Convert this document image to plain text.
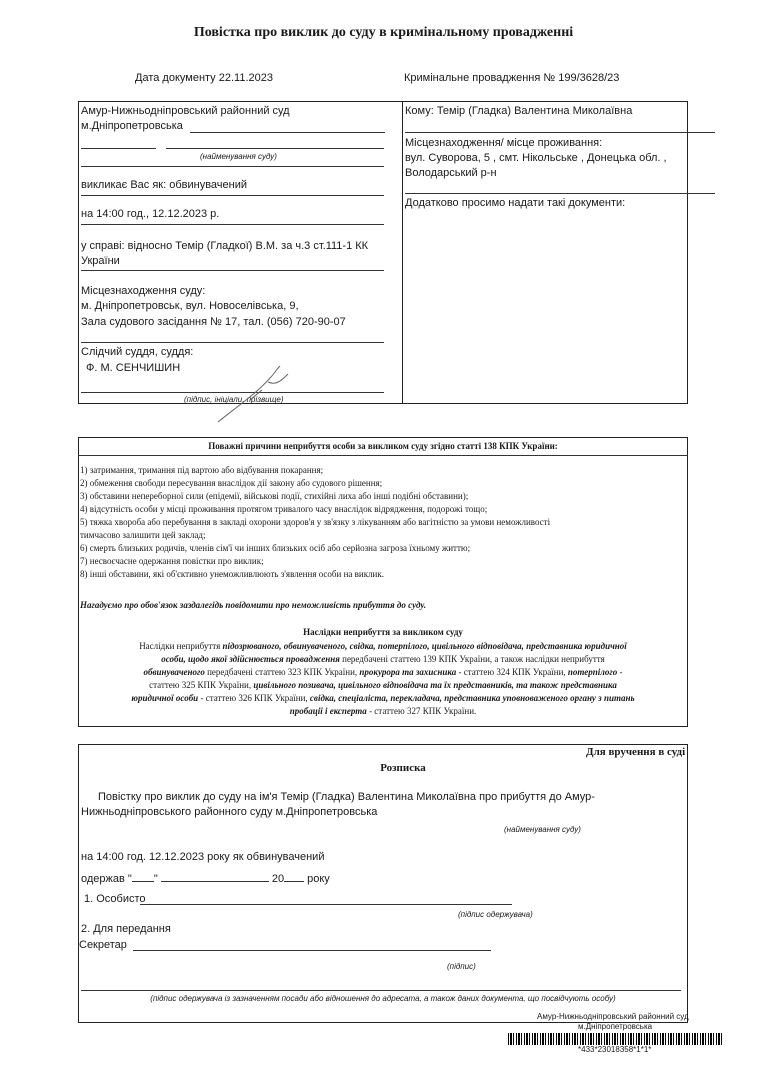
Повістка про виклик до суду в кримінальному провадженні
Дата документу 22.11.2023	Кримінальне провадження № 199/3628/23
Амур-Нижньодніпровський районний суд
м.Дніпропетровська
(найменування суду)
викликає Вас як: обвинувачений
на 14:00 год., 12.12.2023 р.
у справі: відносно Темір (Гладкої) В.М. за ч.3 ст.111-1 КК
України
Місцезнаходження суду:
м. Дніпропетровськ, вул. Новоселівська, 9,
Зала судового засідання № 17, тал. (056) 720-90-07
Слідчий суддя, суддя:
Ф. М. СЕНЧИШИН
(підпис, ініціали, прізвище)
Кому: Темір (Гладка) Валентина Миколаївна
Місцезнаходження/ місце проживання:
вул. Суворова, 5 , смт. Нікольське , Донецька обл. ,
Володарський р-н
Додатково просимо надати такі документи:
Поважні причини неприбуття особи за викликом суду згідно статті 138 КПК України:
1) затримання, тримання під вартою або відбування покарання;
2) обмеження свободи пересування внаслідок дії закону або судового рішення;
3) обставини непереборної сили (епідемії, військові події, стихійні лиха або інші подібні обставини);
4) відсутність особи у місці проживання протягом тривалого часу внаслідок відрядження, подорожі тощо;
5) тяжка хвороба або перебування в закладі охорони здоров'я у зв'язку з лікуванням або вагітністю за умови неможливості
тимчасово залишити цей заклад;
6) смерть близьких родичів, членів сім'ї чи інших близьких осіб або серйозна загроза їхньому життю;
7) несвоєчасне одержання повістки про виклик;
8) інші обставини, які об'єктивно унеможливлюють з'явлення особи на виклик.
Нагадуємо про обов'язок заздалегідь повідомити про неможливість прибуття до суду.
Наслідки неприбуття за викликом суду
Наслідки неприбуття підозрюваного, обвинуваченого, свідка, потерпілого, цивільного відповідача, представника юридичної
особи, щодо якої здійснюється провадження передбачені статтею 139 КПК України, а також наслідки неприбуття
обвинуваченого передбачені статтею 323 КПК України, прокурора та захисника - статтею 324 КПК України, потерпілого -
статтею 325 КПК України, цивільного позивача, цивільного відповідача та їх представників, та також представника
юридичної особи - статтею 326 КПК України, свідка, спеціаліста, перекладача, представника уповноваженого органу з питань
пробації і експерта - статтею 327 КПК України.
Для вручення в суді
Розписка
Повістку про виклик до суду на ім'я Темір (Гладка) Валентина Миколаївна про прибуття до Амур-
Нижньодніпровського районного суду м.Дніпропетровська
(найменування суду)
на 14:00 год. 12.12.2023 року як обвинувачений
одержав " "	20 року
1. Особисто
(підпис одержувача)
2. Для передання
Секретар
(підпис)
(підпис одержувача із зазначенням посади або відношення до адресата, а також даних документа, що посвідчують особу)
Амур-Нижньодніпровський районний суд
м.Дніпропетровська
*433*23018358*1*1*
